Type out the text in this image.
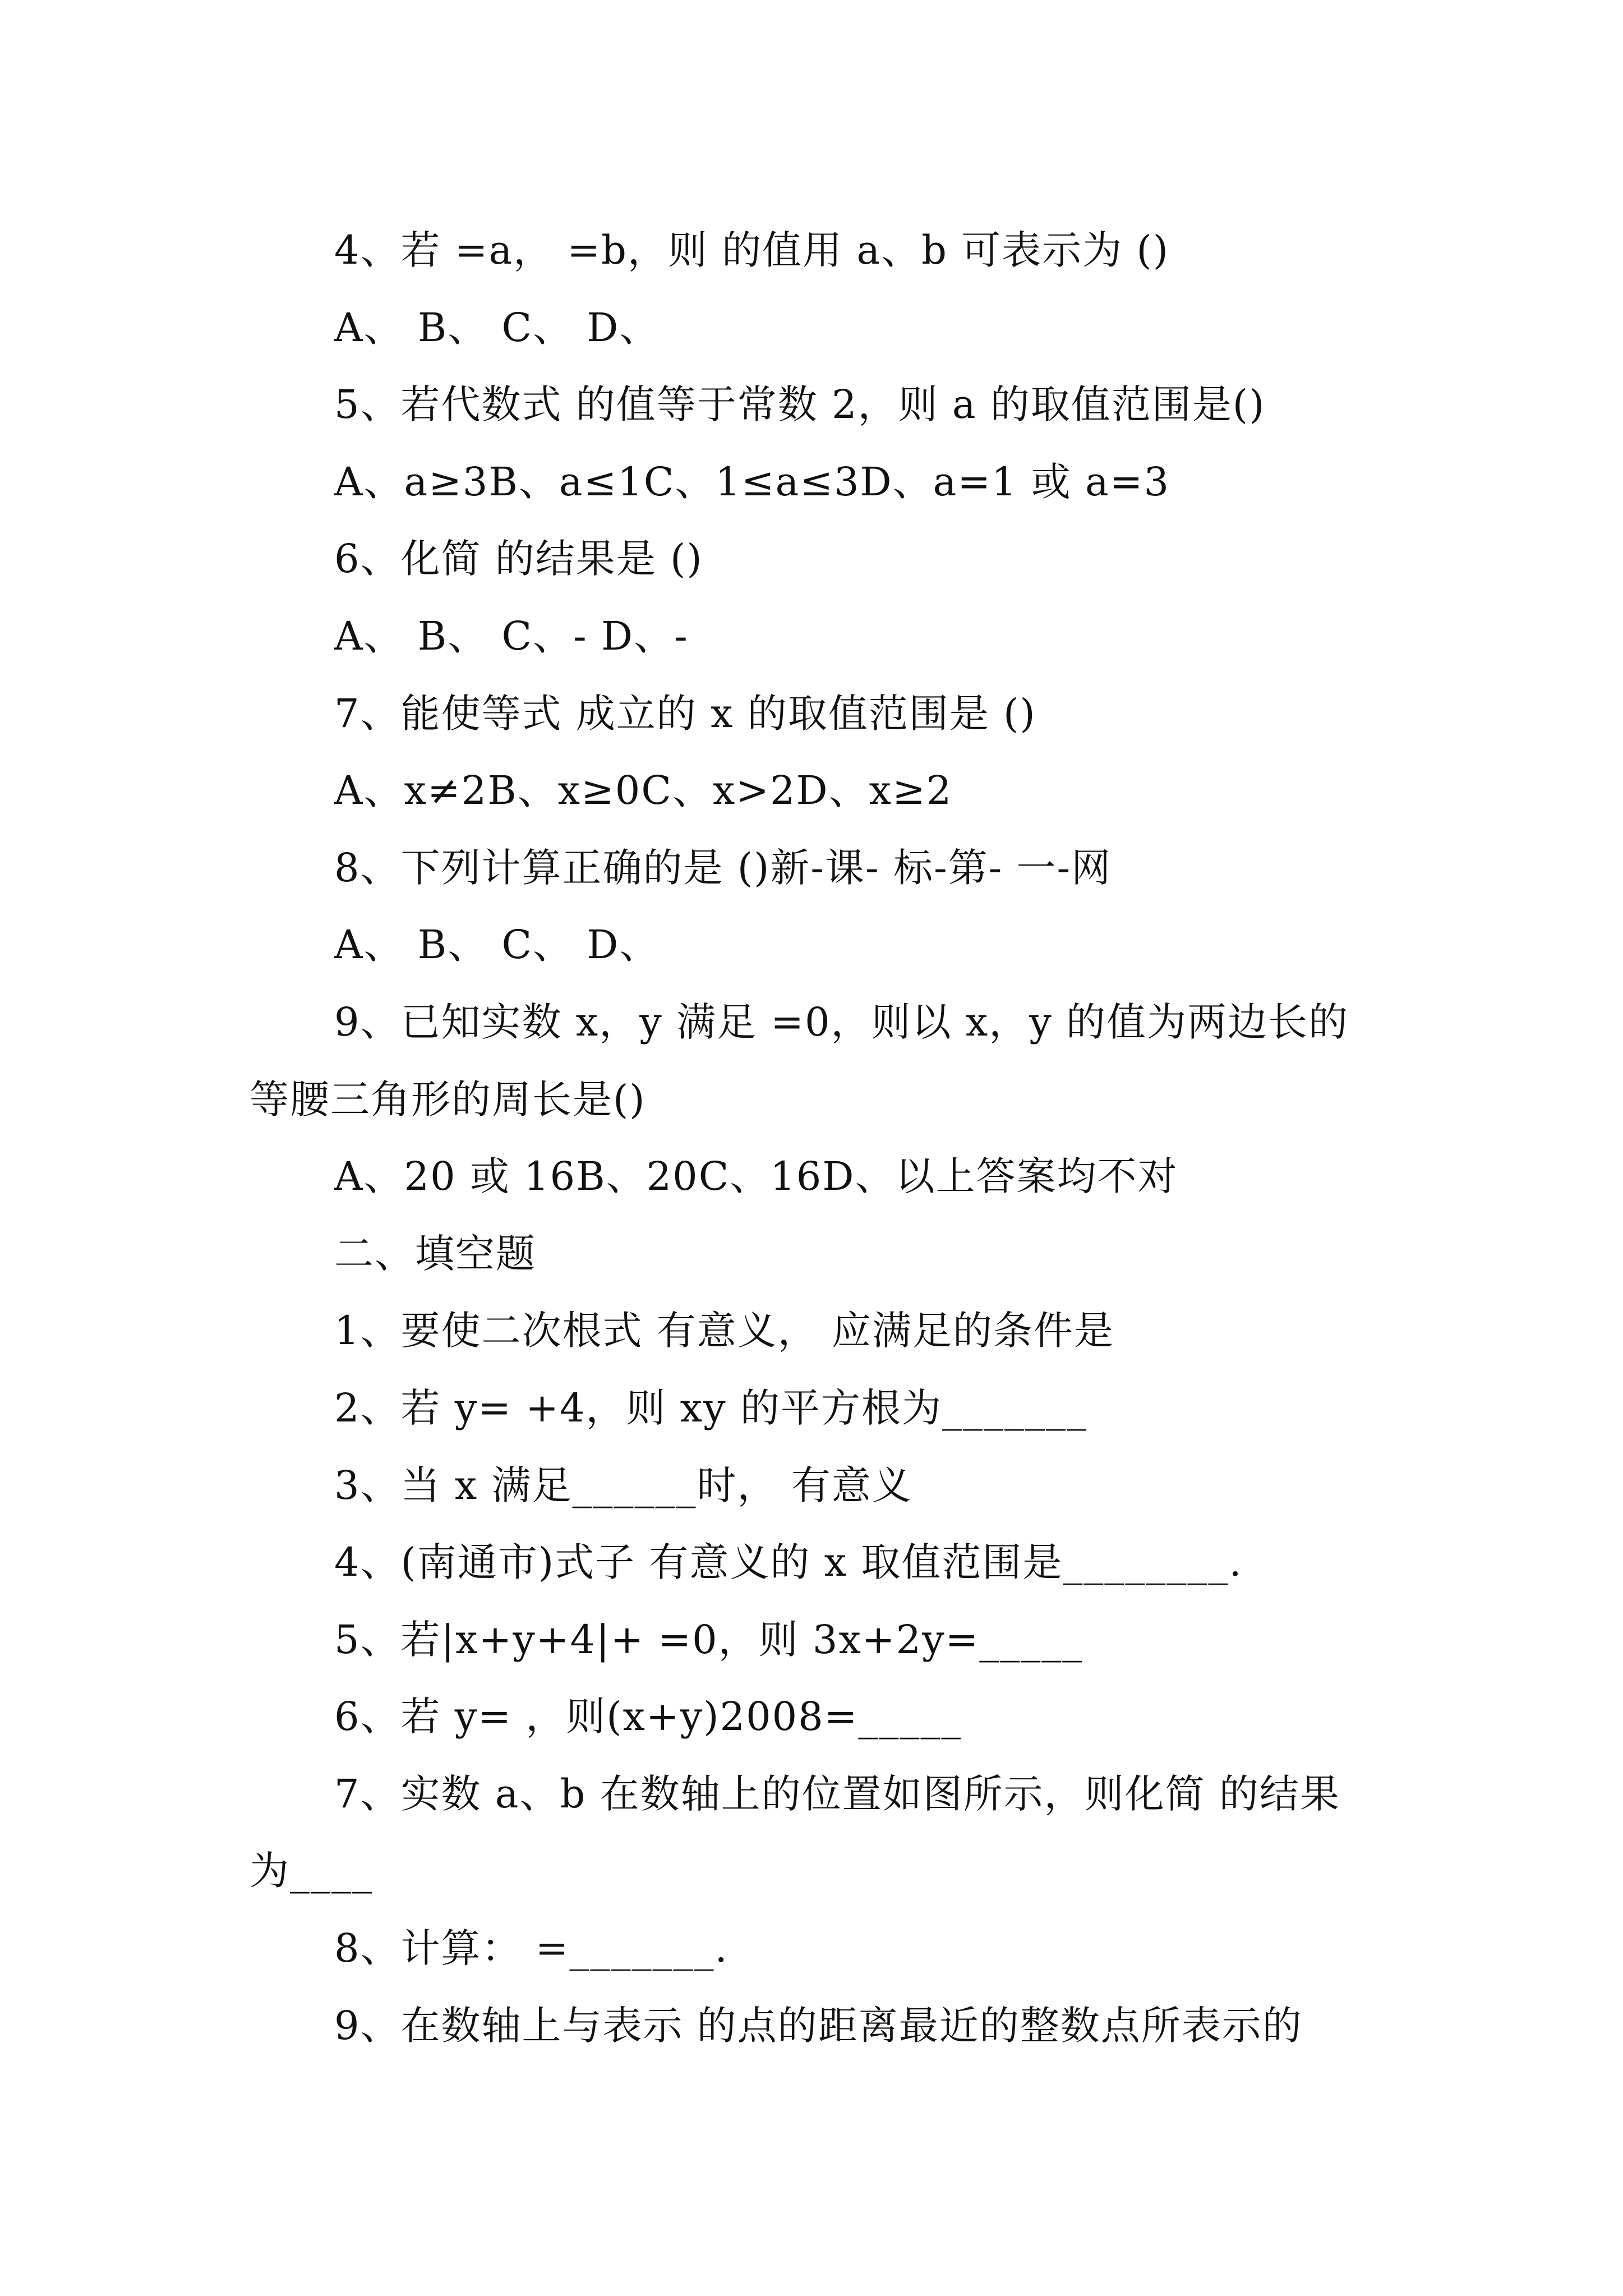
4、若 =a， =b，则 的值用 a、b 可表示为 ()

A、 B、 C、 D、

5、若代数式 的值等于常数 2，则 a 的取值范围是()

A、a≥3B、a≤1C、1≤a≤3D、a=1 或 a=3

6、化简 的结果是 ()

A、 B、 C、- D、-

7、能使等式 成立的 x 的取值范围是 ()

A、x≠2B、x≥0C、x>2D、x≥2

8、下列计算正确的是 ()新-课- 标-第- 一-网

A、 B、 C、 D、

9、已知实数 x，y 满足 =0，则以 x，y 的值为两边长的等腰三角形的周长是()

A、20 或 16B、20C、16D、以上答案均不对

二、填空题

1、要使二次根式 有意义， 应满足的条件是

2、若 y= +4，则 xy 的平方根为_______

3、当 x 满足______时， 有意义

4、(南通市)式子 有意义的 x 取值范围是________.

5、若|x+y+4|+ =0，则 3x+2y=_____

6、若 y= ，则(x+y)2008=_____

7、实数 a、b 在数轴上的位置如图所示，则化简 的结果为____

8、计算： =_______.

9、在数轴上与表示 的点的距离最近的整数点所表示的
